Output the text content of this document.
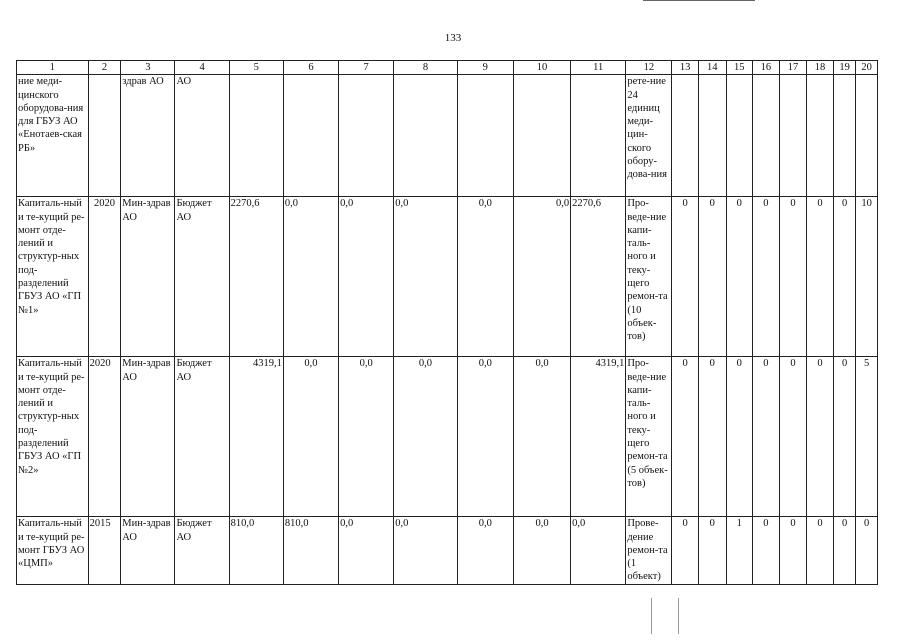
133
1	2	3	4	5	6	7	8	9	10	11	12	13	14	15	16	17	18	19	20
ние меди-цинского оборудова-ния для ГБУЗ АО «Енотаев-ская РБ»		здрав АО	АО								рете-ние 24 единиц меди-цин-ского обору-дова-ния								
Капиталь-ный и те-кущий ре-монт отде-лений и структур-ных под-разделений ГБУЗ АО «ГП №1»	2020	Мин-здрав АО	Бюджет АО	2270,6	0,0	0,0	0,0	0,0	0,0	2270,6	Про-веде-ние капи-таль-ного и теку-щего ремон-та (10 объек-тов)	0	0	0	0	0	0	0	10
Капиталь-ный и те-кущий ре-монт отде-лений и структур-ных под-разделений ГБУЗ АО «ГП №2»	2020	Мин-здрав АО	Бюджет АО	4319,1	0,0	0,0	0,0	0,0	0,0	4319,1	Про-веде-ние капи-таль-ного и теку-щего ремон-та (5 объек-тов)	0	0	0	0	0	0	0	5
Капиталь-ный и те-кущий ре-монт ГБУЗ АО «ЦМП»	2015	Мин-здрав АО	Бюджет АО	810,0	810,0	0,0	0,0	0,0	0,0	0,0	Прове-дение ремон-та (1 объект)	0	0	1	0	0	0	0	0
